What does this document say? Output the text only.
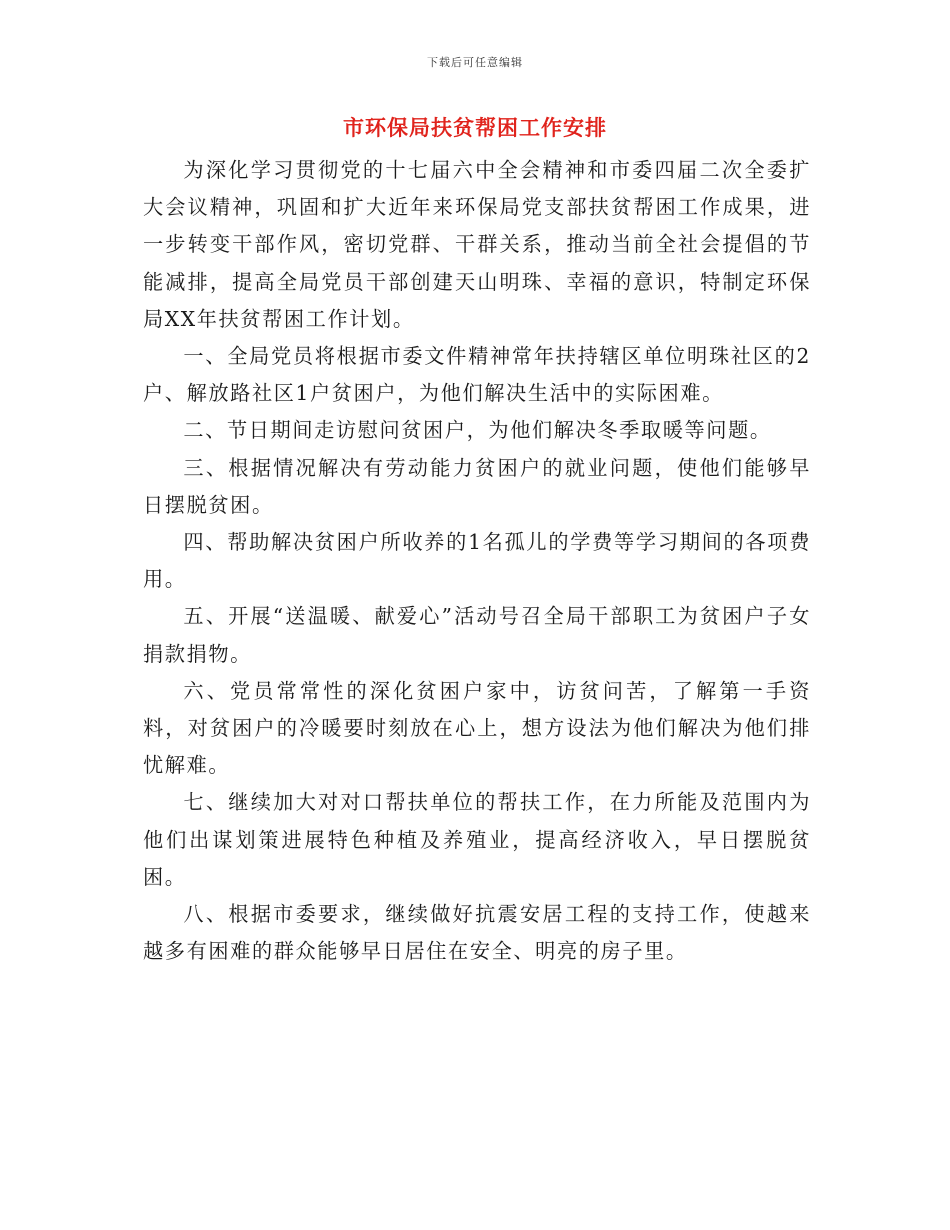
下载后可任意编辑
市环保局扶贫帮困工作安排

为深化学习贯彻党的十七届六中全会精神和市委四届二次全委扩大会议精神，巩固和扩大近年来环保局党支部扶贫帮困工作成果，进一步转变干部作风，密切党群、干群关系，推动当前全社会提倡的节能减排，提高全局党员干部创建天山明珠、幸福的意识，特制定环保局XX年扶贫帮困工作计划。

一、全局党员将根据市委文件精神常年扶持辖区单位明珠社区的2户、解放路社区1户贫困户，为他们解决生活中的实际困难。

二、节日期间走访慰问贫困户，为他们解决冬季取暖等问题。

三、根据情况解决有劳动能力贫困户的就业问题，使他们能够早日摆脱贫困。

四、帮助解决贫困户所收养的1名孤儿的学费等学习期间的各项费用。

五、开展“送温暖、献爱心”活动号召全局干部职工为贫困户子女捐款捐物。

六、党员常常性的深化贫困户家中，访贫问苦，了解第一手资料，对贫困户的冷暖要时刻放在心上，想方设法为他们解决为他们排忧解难。

七、继续加大对对口帮扶单位的帮扶工作，在力所能及范围内为他们出谋划策进展特色种植及养殖业，提高经济收入，早日摆脱贫困。

八、根据市委要求，继续做好抗震安居工程的支持工作，使越来越多有困难的群众能够早日居住在安全、明亮的房子里。
